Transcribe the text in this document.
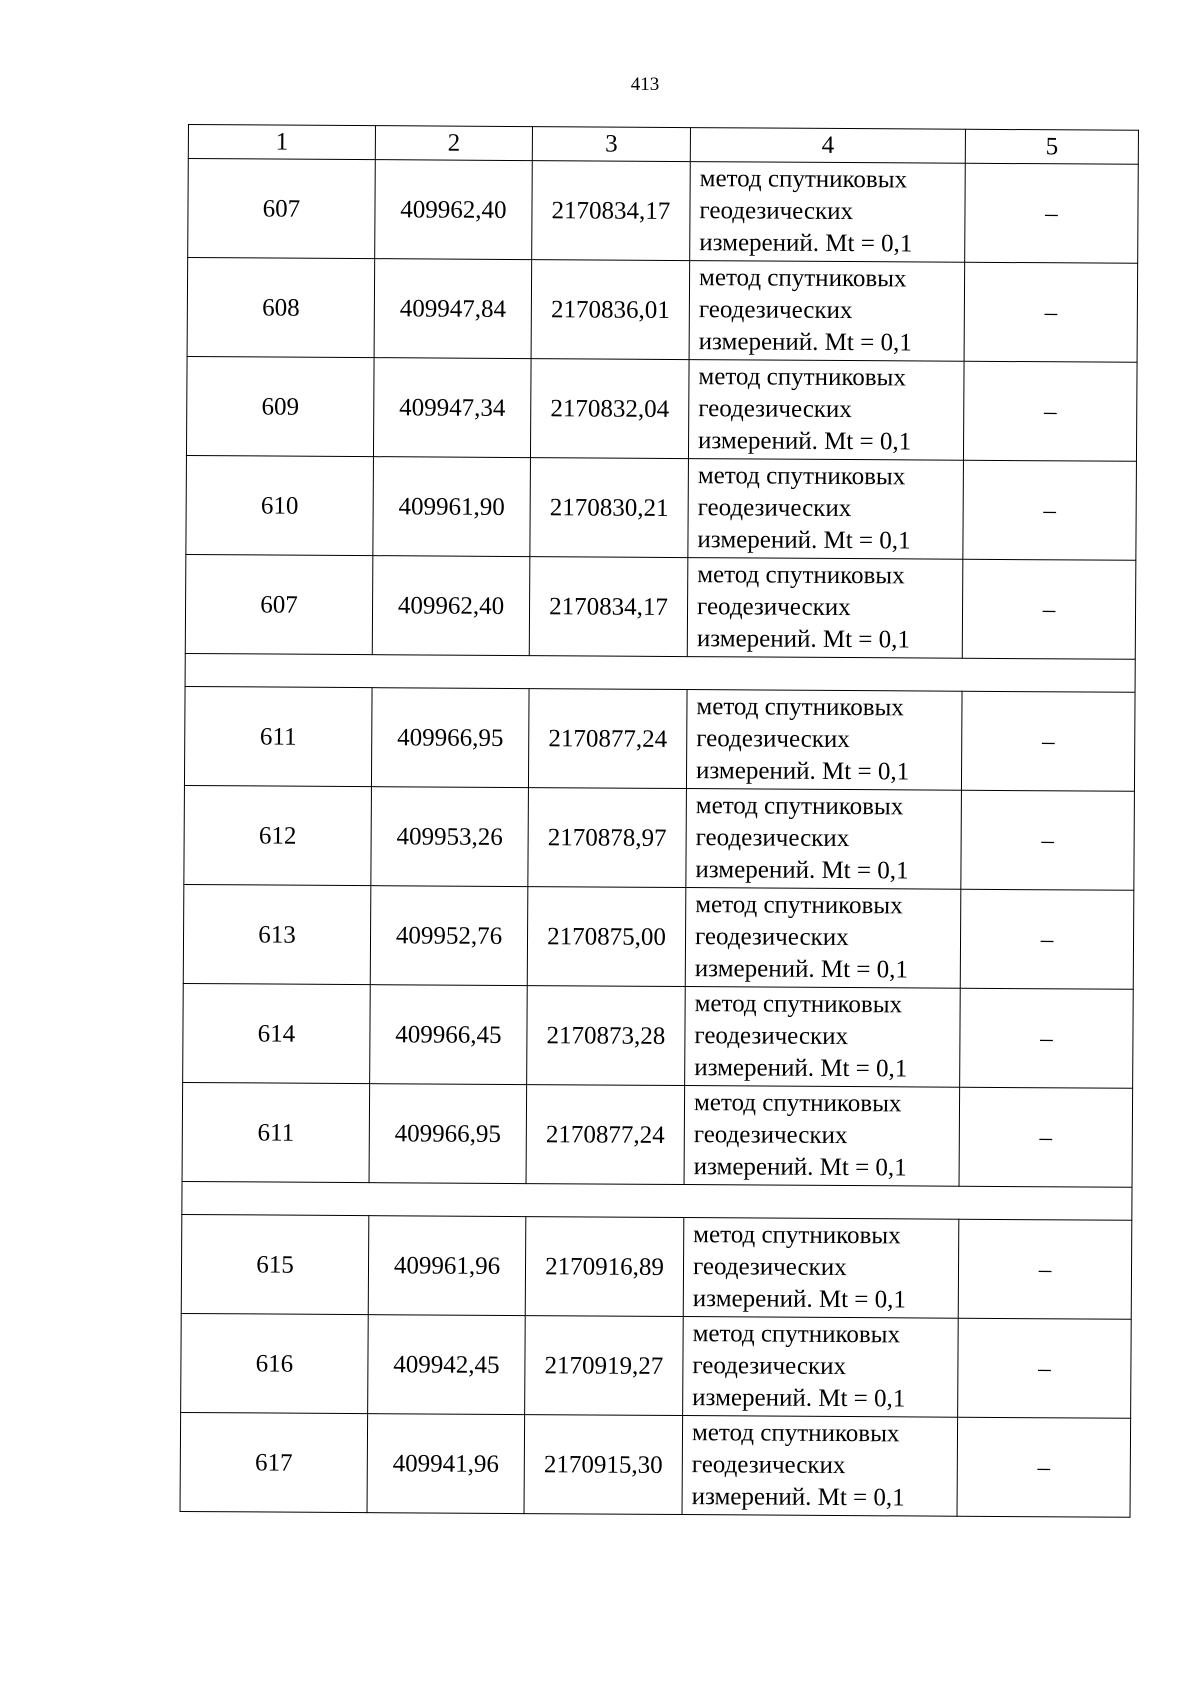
413
1	2	3	4	5
607	409962,40	2170834,17	метод спутниковых геодезических измерений. Mt = 0,1	–
608	409947,84	2170836,01	метод спутниковых геодезических измерений. Mt = 0,1	–
609	409947,34	2170832,04	метод спутниковых геодезических измерений. Mt = 0,1	–
610	409961,90	2170830,21	метод спутниковых геодезических измерений. Mt = 0,1	–
607	409962,40	2170834,17	метод спутниковых геодезических измерений. Mt = 0,1	–

611	409966,95	2170877,24	метод спутниковых геодезических измерений. Mt = 0,1	–
612	409953,26	2170878,97	метод спутниковых геодезических измерений. Mt = 0,1	–
613	409952,76	2170875,00	метод спутниковых геодезических измерений. Mt = 0,1	–
614	409966,45	2170873,28	метод спутниковых геодезических измерений. Mt = 0,1	–
611	409966,95	2170877,24	метод спутниковых геодезических измерений. Mt = 0,1	–

615	409961,96	2170916,89	метод спутниковых геодезических измерений. Mt = 0,1	–
616	409942,45	2170919,27	метод спутниковых геодезических измерений. Mt = 0,1	–
617	409941,96	2170915,30	метод спутниковых геодезических измерений. Mt = 0,1	–
